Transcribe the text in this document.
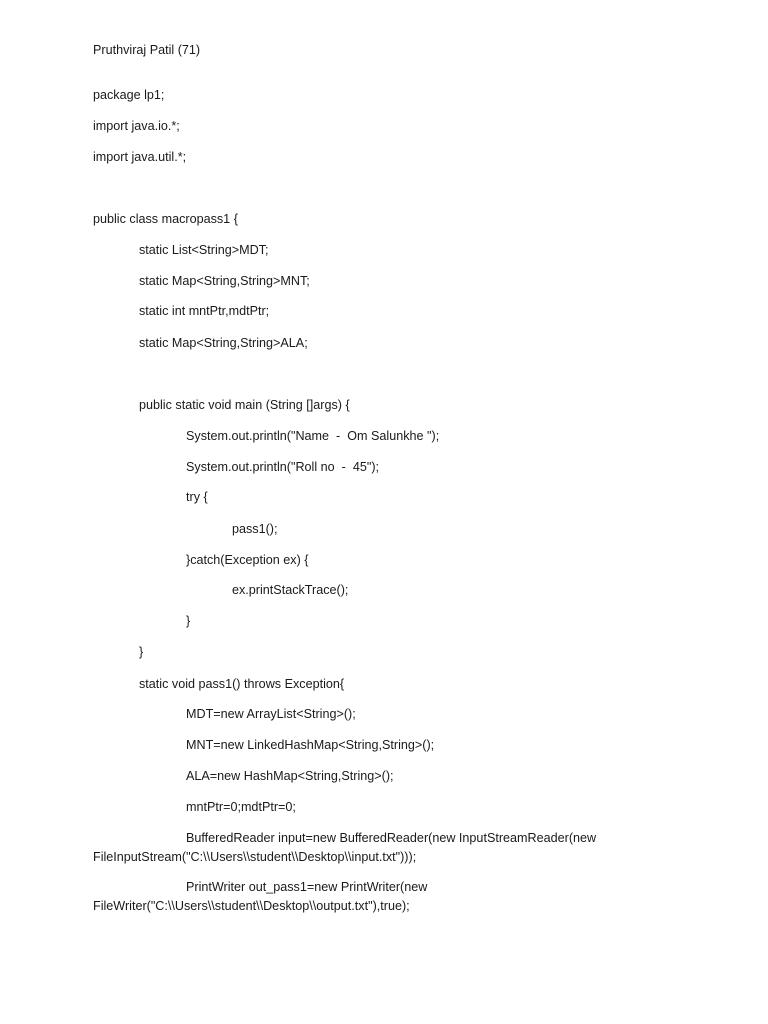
Pruthviraj Patil (71)
package lp1;
import java.io.*;
import java.util.*;
public class macropass1 {
static List<String>MDT;
static Map<String,String>MNT;
static int mntPtr,mdtPtr;
static Map<String,String>ALA;
public static void main (String []args) {
System.out.println("Name  -  Om Salunkhe ");
System.out.println("Roll no  -  45");
try {
pass1();
}catch(Exception ex) {
ex.printStackTrace();
}
}
static void pass1() throws Exception{
MDT=new ArrayList<String>();
MNT=new LinkedHashMap<String,String>();
ALA=new HashMap<String,String>();
mntPtr=0;mdtPtr=0;
BufferedReader input=new BufferedReader(new InputStreamReader(new FileInputStream("C:\\Users\\student\\Desktop\\input.txt")));
PrintWriter out_pass1=new PrintWriter(new FileWriter("C:\\Users\\student\\Desktop\\output.txt"),true);
